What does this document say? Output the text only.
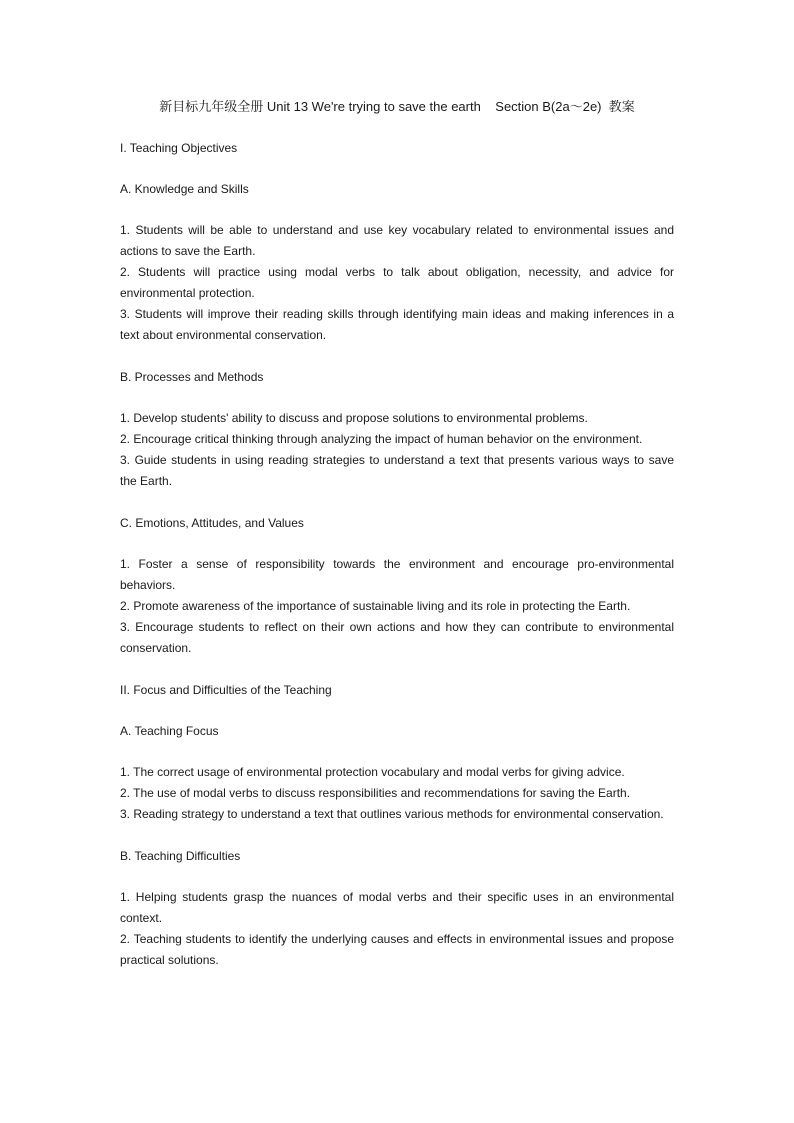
新目标九年级全册 Unit 13 We're trying to save the earth    Section B(2a～2e)  教案
I. Teaching Objectives
A. Knowledge and Skills
1. Students will be able to understand and use key vocabulary related to environmental issues and actions to save the Earth.
2. Students will practice using modal verbs to talk about obligation, necessity, and advice for environmental protection.
3. Students will improve their reading skills through identifying main ideas and making inferences in a text about environmental conservation.
B. Processes and Methods
1. Develop students' ability to discuss and propose solutions to environmental problems.
2. Encourage critical thinking through analyzing the impact of human behavior on the environment.
3. Guide students in using reading strategies to understand a text that presents various ways to save the Earth.
C. Emotions, Attitudes, and Values
1. Foster a sense of responsibility towards the environment and encourage pro-environmental behaviors.
2. Promote awareness of the importance of sustainable living and its role in protecting the Earth.
3. Encourage students to reflect on their own actions and how they can contribute to environmental conservation.
II. Focus and Difficulties of the Teaching
A. Teaching Focus
1. The correct usage of environmental protection vocabulary and modal verbs for giving advice.
2. The use of modal verbs to discuss responsibilities and recommendations for saving the Earth.
3. Reading strategy to understand a text that outlines various methods for environmental conservation.
B. Teaching Difficulties
1. Helping students grasp the nuances of modal verbs and their specific uses in an environmental context.
2. Teaching students to identify the underlying causes and effects in environmental issues and propose practical solutions.
